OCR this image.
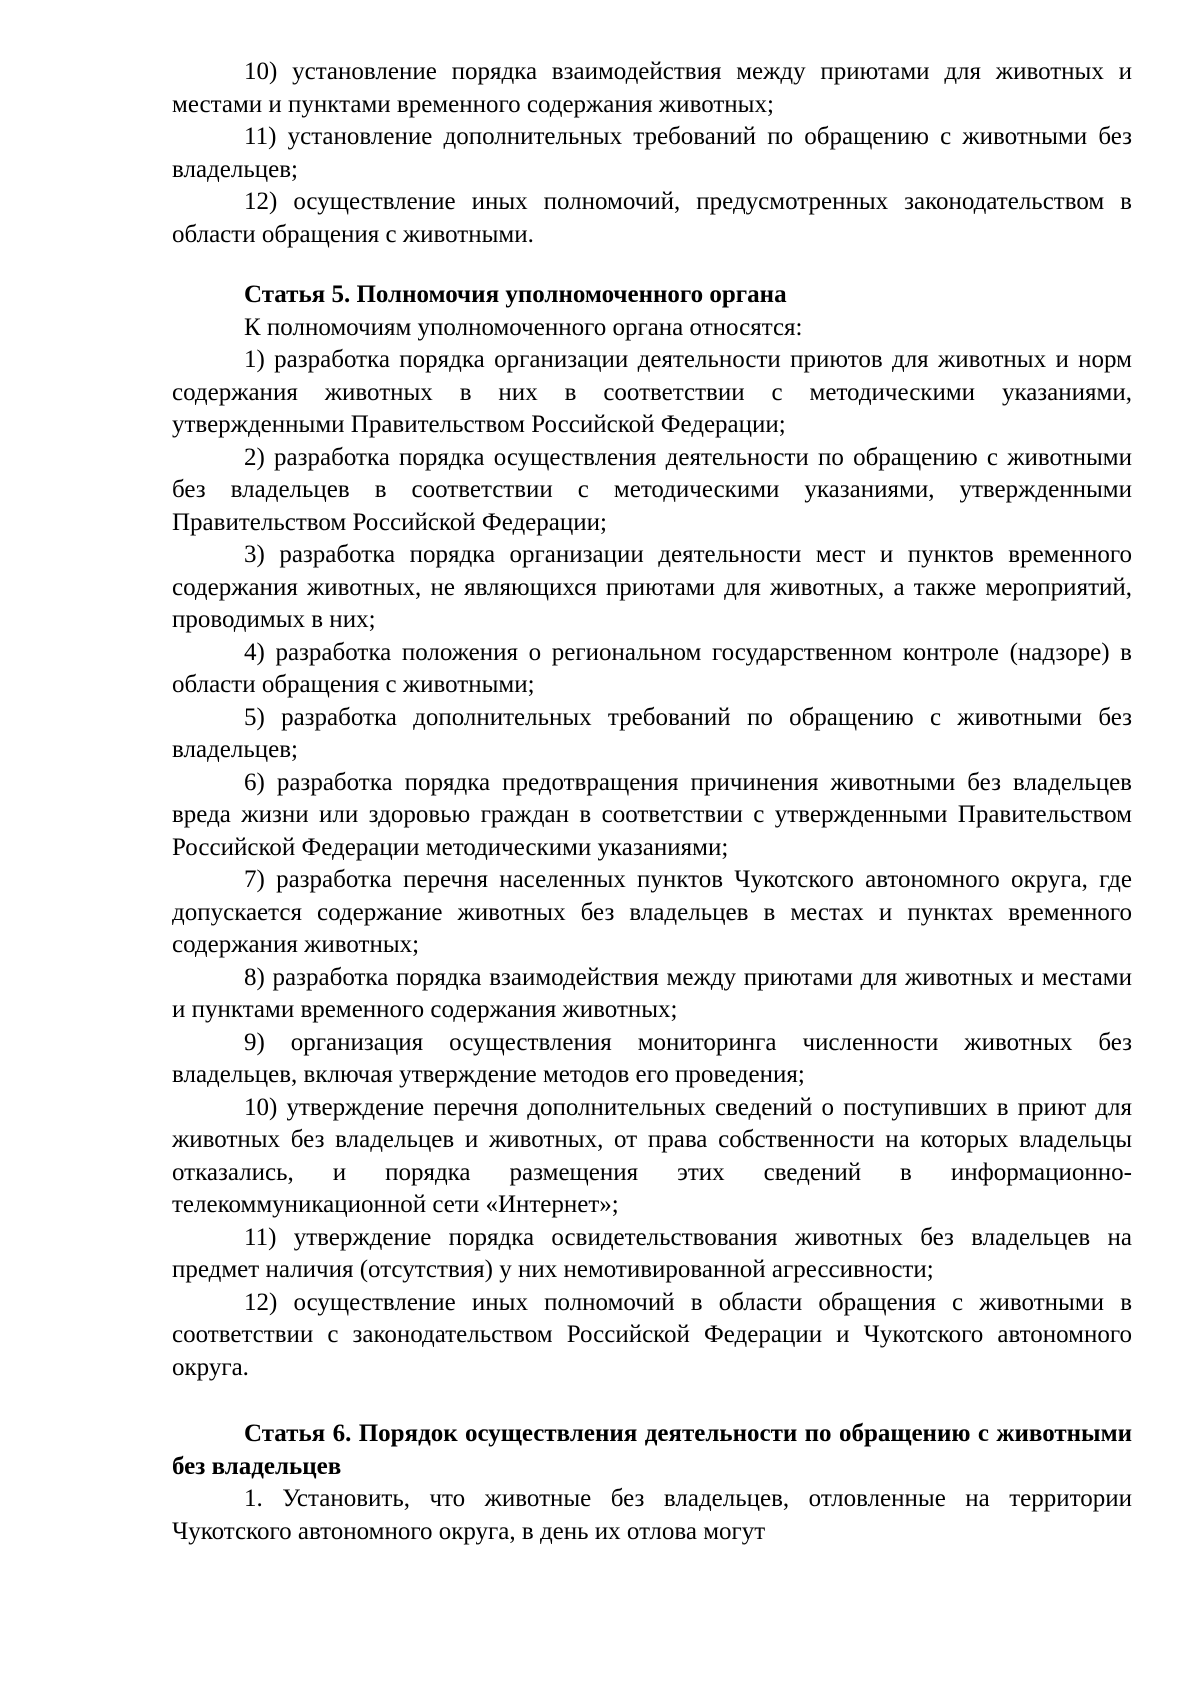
10) установление порядка взаимодействия между приютами для животных и местами и пунктами временного содержания животных;

11) установление дополнительных требований по обращению с животными без владельцев;

12) осуществление иных полномочий, предусмотренных законодательством в области обращения с животными.

Статья 5. Полномочия уполномоченного органа

К полномочиям уполномоченного органа относятся:

1) разработка порядка организации деятельности приютов для животных и норм содержания животных в них в соответствии с методическими указаниями, утвержденными Правительством Российской Федерации;

2) разработка порядка осуществления деятельности по обращению с животными без владельцев в соответствии с методическими указаниями, утвержденными Правительством Российской Федерации;

3) разработка порядка организации деятельности мест и пунктов временного содержания животных, не являющихся приютами для животных, а также мероприятий, проводимых в них;

4) разработка положения о региональном государственном контроле (надзоре) в области обращения с животными;

5) разработка дополнительных требований по обращению с животными без владельцев;

6) разработка порядка предотвращения причинения животными без владельцев вреда жизни или здоровью граждан в соответствии с утвержденными Правительством Российской Федерации методическими указаниями;

7) разработка перечня населенных пунктов Чукотского автономного округа, где допускается содержание животных без владельцев в местах и пунктах временного содержания животных;

8) разработка порядка взаимодействия между приютами для животных и местами и пунктами временного содержания животных;

9) организация осуществления мониторинга численности животных без владельцев, включая утверждение методов его проведения;

10) утверждение перечня дополнительных сведений о поступивших в приют для животных без владельцев и животных, от права собственности на которых владельцы отказались, и порядка размещения этих сведений в информационно-телекоммуникационной сети «Интернет»;

11) утверждение порядка освидетельствования животных без владельцев на предмет наличия (отсутствия) у них немотивированной агрессивности;

12) осуществление иных полномочий в области обращения с животными в соответствии с законодательством Российской Федерации и Чукотского автономного округа.

Статья 6. Порядок осуществления деятельности по обращению с животными без владельцев

1. Установить, что животные без владельцев, отловленные на территории Чукотского автономного округа, в день их отлова могут
